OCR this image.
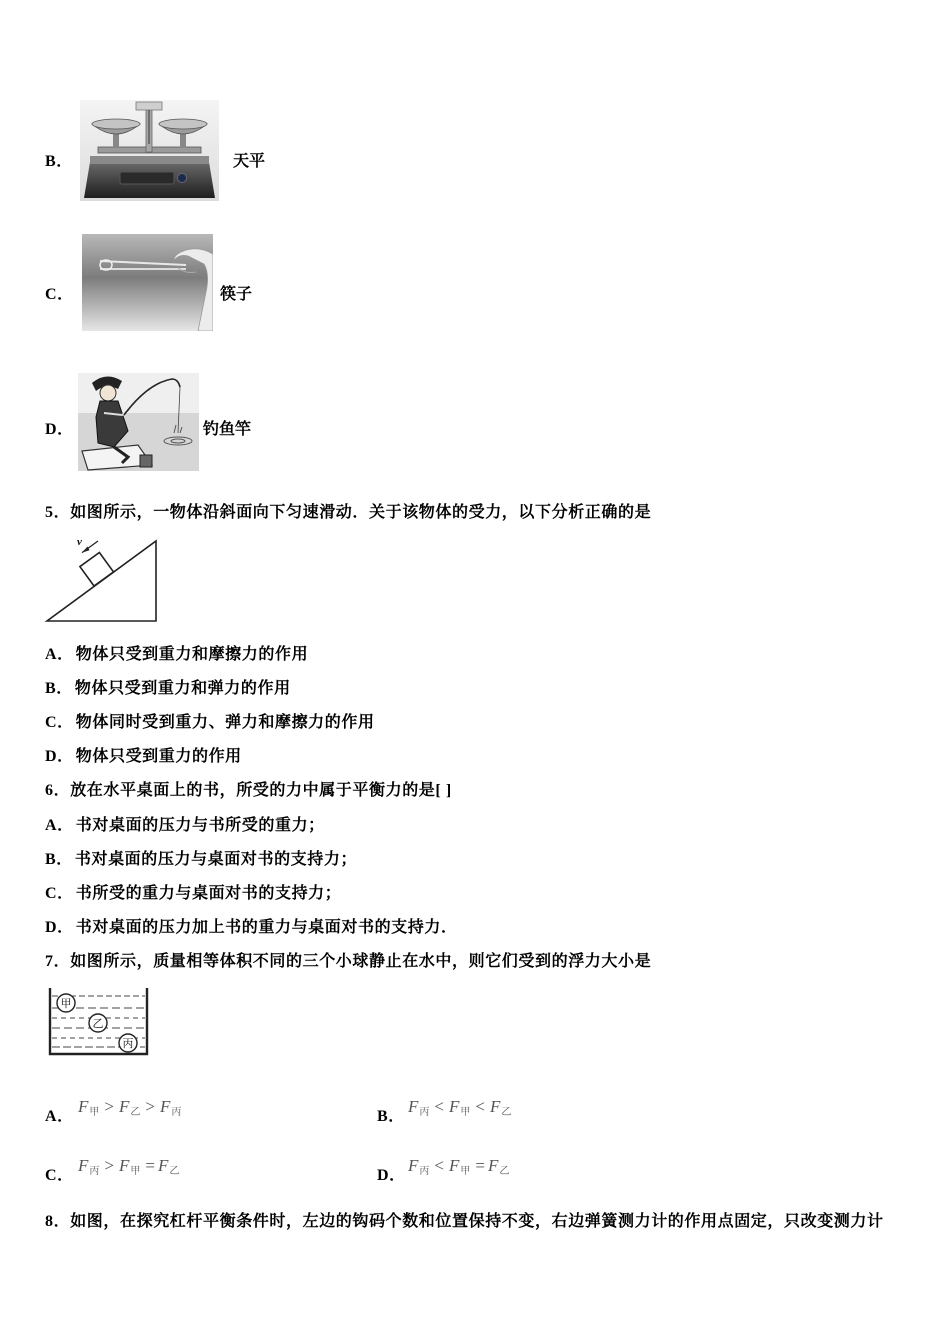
B．	天平
C．	筷子
D．	钓鱼竿
5．如图所示，一物体沿斜面向下匀速滑动．关于该物体的受力，以下分析正确的是
v
A． 物体只受到重力和摩擦力的作用
B． 物体只受到重力和弹力的作用
C． 物体同时受到重力、弹力和摩擦力的作用
D． 物体只受到重力的作用
6．放在水平桌面上的书，所受的力中属于平衡力的是[ ]
A． 书对桌面的压力与书所受的重力；
B． 书对桌面的压力与桌面对书的支持力；
C． 书所受的重力与桌面对书的支持力；
D． 书对桌面的压力加上书的重力与桌面对书的支持力．
7．如图所示，质量相等体积不同的三个小球静止在水中，则它们受到的浮力大小是
甲
乙
丙
A．
$F_甲 > F_乙 > F_丙$	B．
$F_丙 < F_甲 < F_乙$
C．
$F_丙 > F_甲 = F_乙$	D．
$F_丙 < F_甲 = F_乙$
8．如图，在探究杠杆平衡条件时，左边的钩码个数和位置保持不变，右边弹簧测力计的作用点固定，只改变测力计
